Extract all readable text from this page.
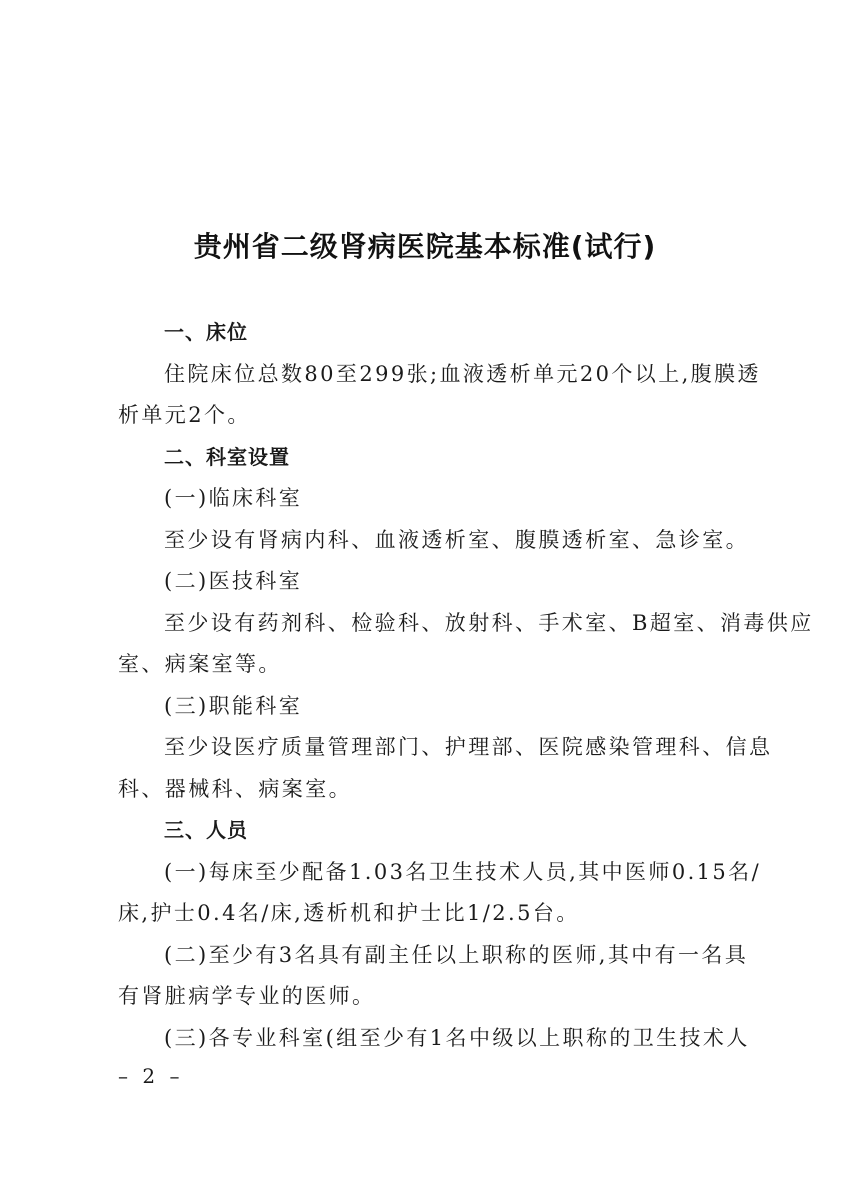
贵州省二级肾病医院基本标准(试行)
一、床位
住院床位总数80至299张;血液透析单元20个以上,腹膜透
析单元2个。
二、科室设置
(一)临床科室
至少设有肾病内科、血液透析室、腹膜透析室、急诊室。
(二)医技科室
至少设有药剂科、检验科、放射科、手术室、B超室、消毒供应
室、病案室等。
(三)职能科室
至少设医疗质量管理部门、护理部、医院感染管理科、信息
科、器械科、病案室。
三、人员
(一)每床至少配备1.03名卫生技术人员,其中医师0.15名/
床,护士0.4名/床,透析机和护士比1/2.5台。
(二)至少有3名具有副主任以上职称的医师,其中有一名具
有肾脏病学专业的医师。
(三)各专业科室(组至少有1名中级以上职称的卫生技术人
– 2 –
